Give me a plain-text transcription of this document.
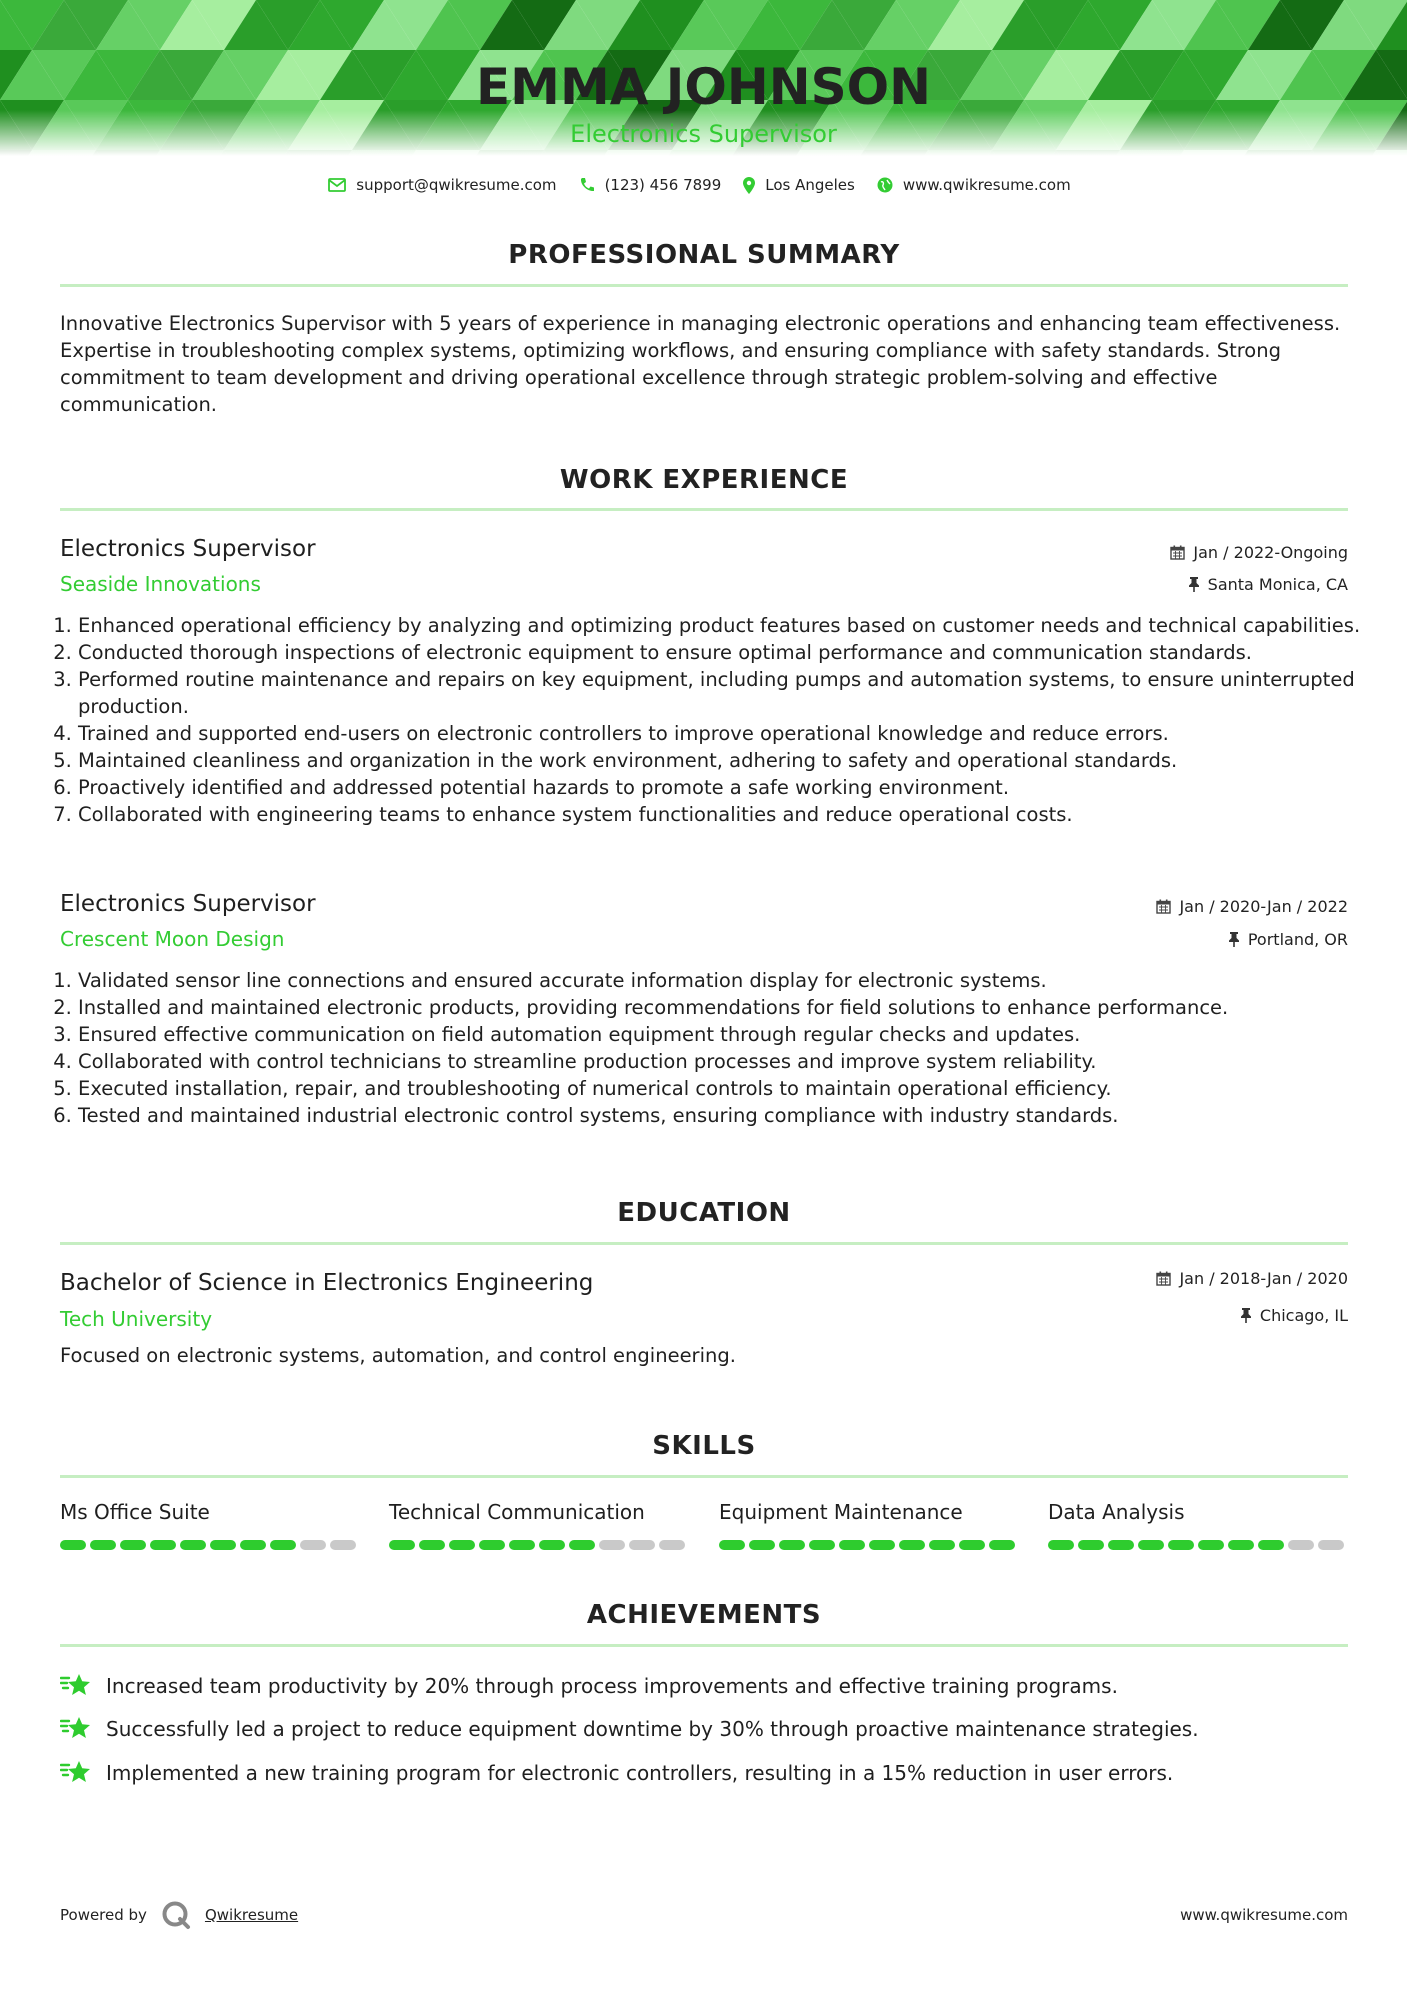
EMMA JOHNSON
Electronics Supervisor
support@qwikresume.com	(123) 456 7899	Los Angeles	www.qwikresume.com
PROFESSIONAL SUMMARY
Innovative Electronics Supervisor with 5 years of experience in managing electronic operations and enhancing team effectiveness. Expertise in troubleshooting complex systems, optimizing workflows, and ensuring compliance with safety standards. Strong commitment to team development and driving operational excellence through strategic problem-solving and effective communication.
WORK EXPERIENCE
Electronics Supervisor	Jan / 2022-Ongoing
Seaside Innovations	Santa Monica, CA
1. Enhanced operational efficiency by analyzing and optimizing product features based on customer needs and technical capabilities.
2. Conducted thorough inspections of electronic equipment to ensure optimal performance and communication standards.
3. Performed routine maintenance and repairs on key equipment, including pumps and automation systems, to ensure uninterrupted production.
4. Trained and supported end-users on electronic controllers to improve operational knowledge and reduce errors.
5. Maintained cleanliness and organization in the work environment, adhering to safety and operational standards.
6. Proactively identified and addressed potential hazards to promote a safe working environment.
7. Collaborated with engineering teams to enhance system functionalities and reduce operational costs.
Electronics Supervisor	Jan / 2020-Jan / 2022
Crescent Moon Design	Portland, OR
1. Validated sensor line connections and ensured accurate information display for electronic systems.
2. Installed and maintained electronic products, providing recommendations for field solutions to enhance performance.
3. Ensured effective communication on field automation equipment through regular checks and updates.
4. Collaborated with control technicians to streamline production processes and improve system reliability.
5. Executed installation, repair, and troubleshooting of numerical controls to maintain operational efficiency.
6. Tested and maintained industrial electronic control systems, ensuring compliance with industry standards.
EDUCATION
Bachelor of Science in Electronics Engineering	Jan / 2018-Jan / 2020
Tech University	Chicago, IL
Focused on electronic systems, automation, and control engineering.
SKILLS
Ms Office Suite	Technical Communication	Equipment Maintenance	Data Analysis
ACHIEVEMENTS
Increased team productivity by 20% through process improvements and effective training programs.
Successfully led a project to reduce equipment downtime by 30% through proactive maintenance strategies.
Implemented a new training program for electronic controllers, resulting in a 15% reduction in user errors.
Powered by	Qwikresume	www.qwikresume.com
